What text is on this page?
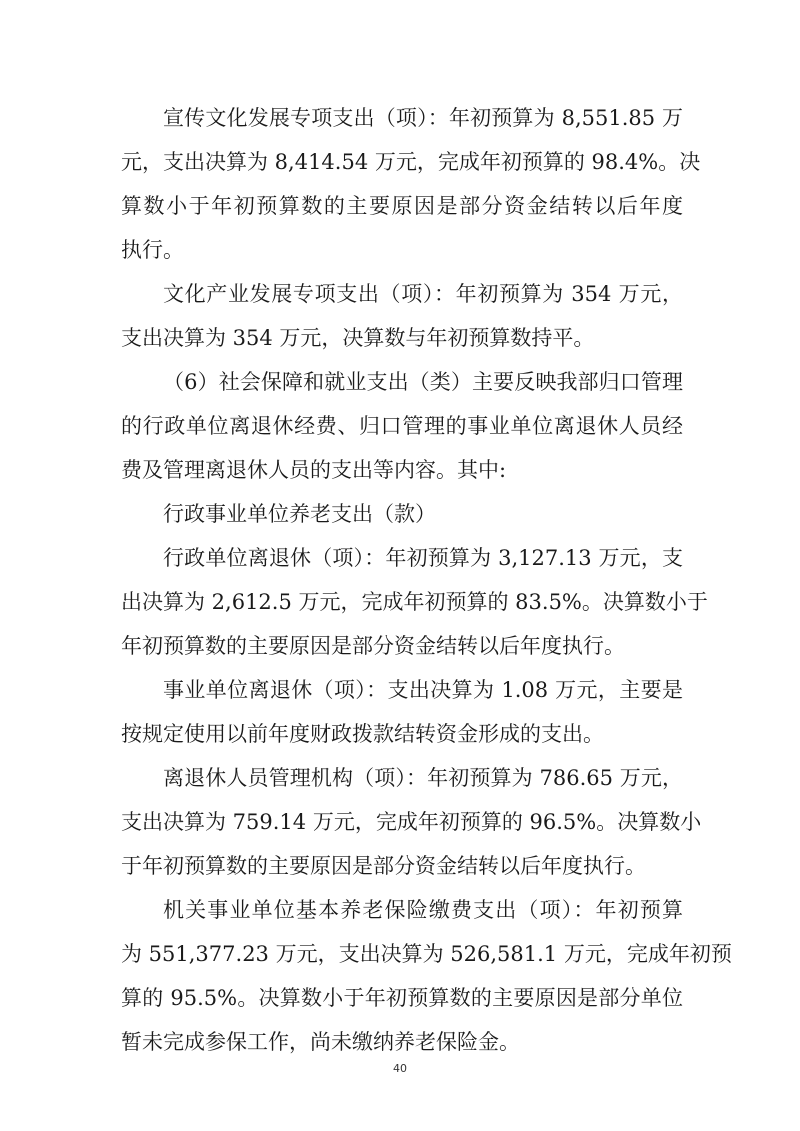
宣传文化发展专项支出（项）：年初预算为 8,551.85 万
元，支出决算为 8,414.54 万元，完成年初预算的 98.4%。决
算数小于年初预算数的主要原因是部分资金结转以后年度
执行。
文化产业发展专项支出（项）：年初预算为 354 万元，
支出决算为 354 万元，决算数与年初预算数持平。
（6）社会保障和就业支出（类）主要反映我部归口管理
的行政单位离退休经费、归口管理的事业单位离退休人员经
费及管理离退休人员的支出等内容。其中:
行政事业单位养老支出（款）
行政单位离退休（项）：年初预算为 3,127.13 万元，支
出决算为 2,612.5 万元，完成年初预算的 83.5%。决算数小于
年初预算数的主要原因是部分资金结转以后年度执行。
事业单位离退休（项）：支出决算为 1.08 万元，主要是
按规定使用以前年度财政拨款结转资金形成的支出。
离退休人员管理机构（项）：年初预算为 786.65 万元，
支出决算为 759.14 万元，完成年初预算的 96.5%。决算数小
于年初预算数的主要原因是部分资金结转以后年度执行。
机关事业单位基本养老保险缴费支出（项）：年初预算
为 551,377.23 万元，支出决算为 526,581.1 万元，完成年初预
算的 95.5%。决算数小于年初预算数的主要原因是部分单位
暂未完成参保工作，尚未缴纳养老保险金。
40
